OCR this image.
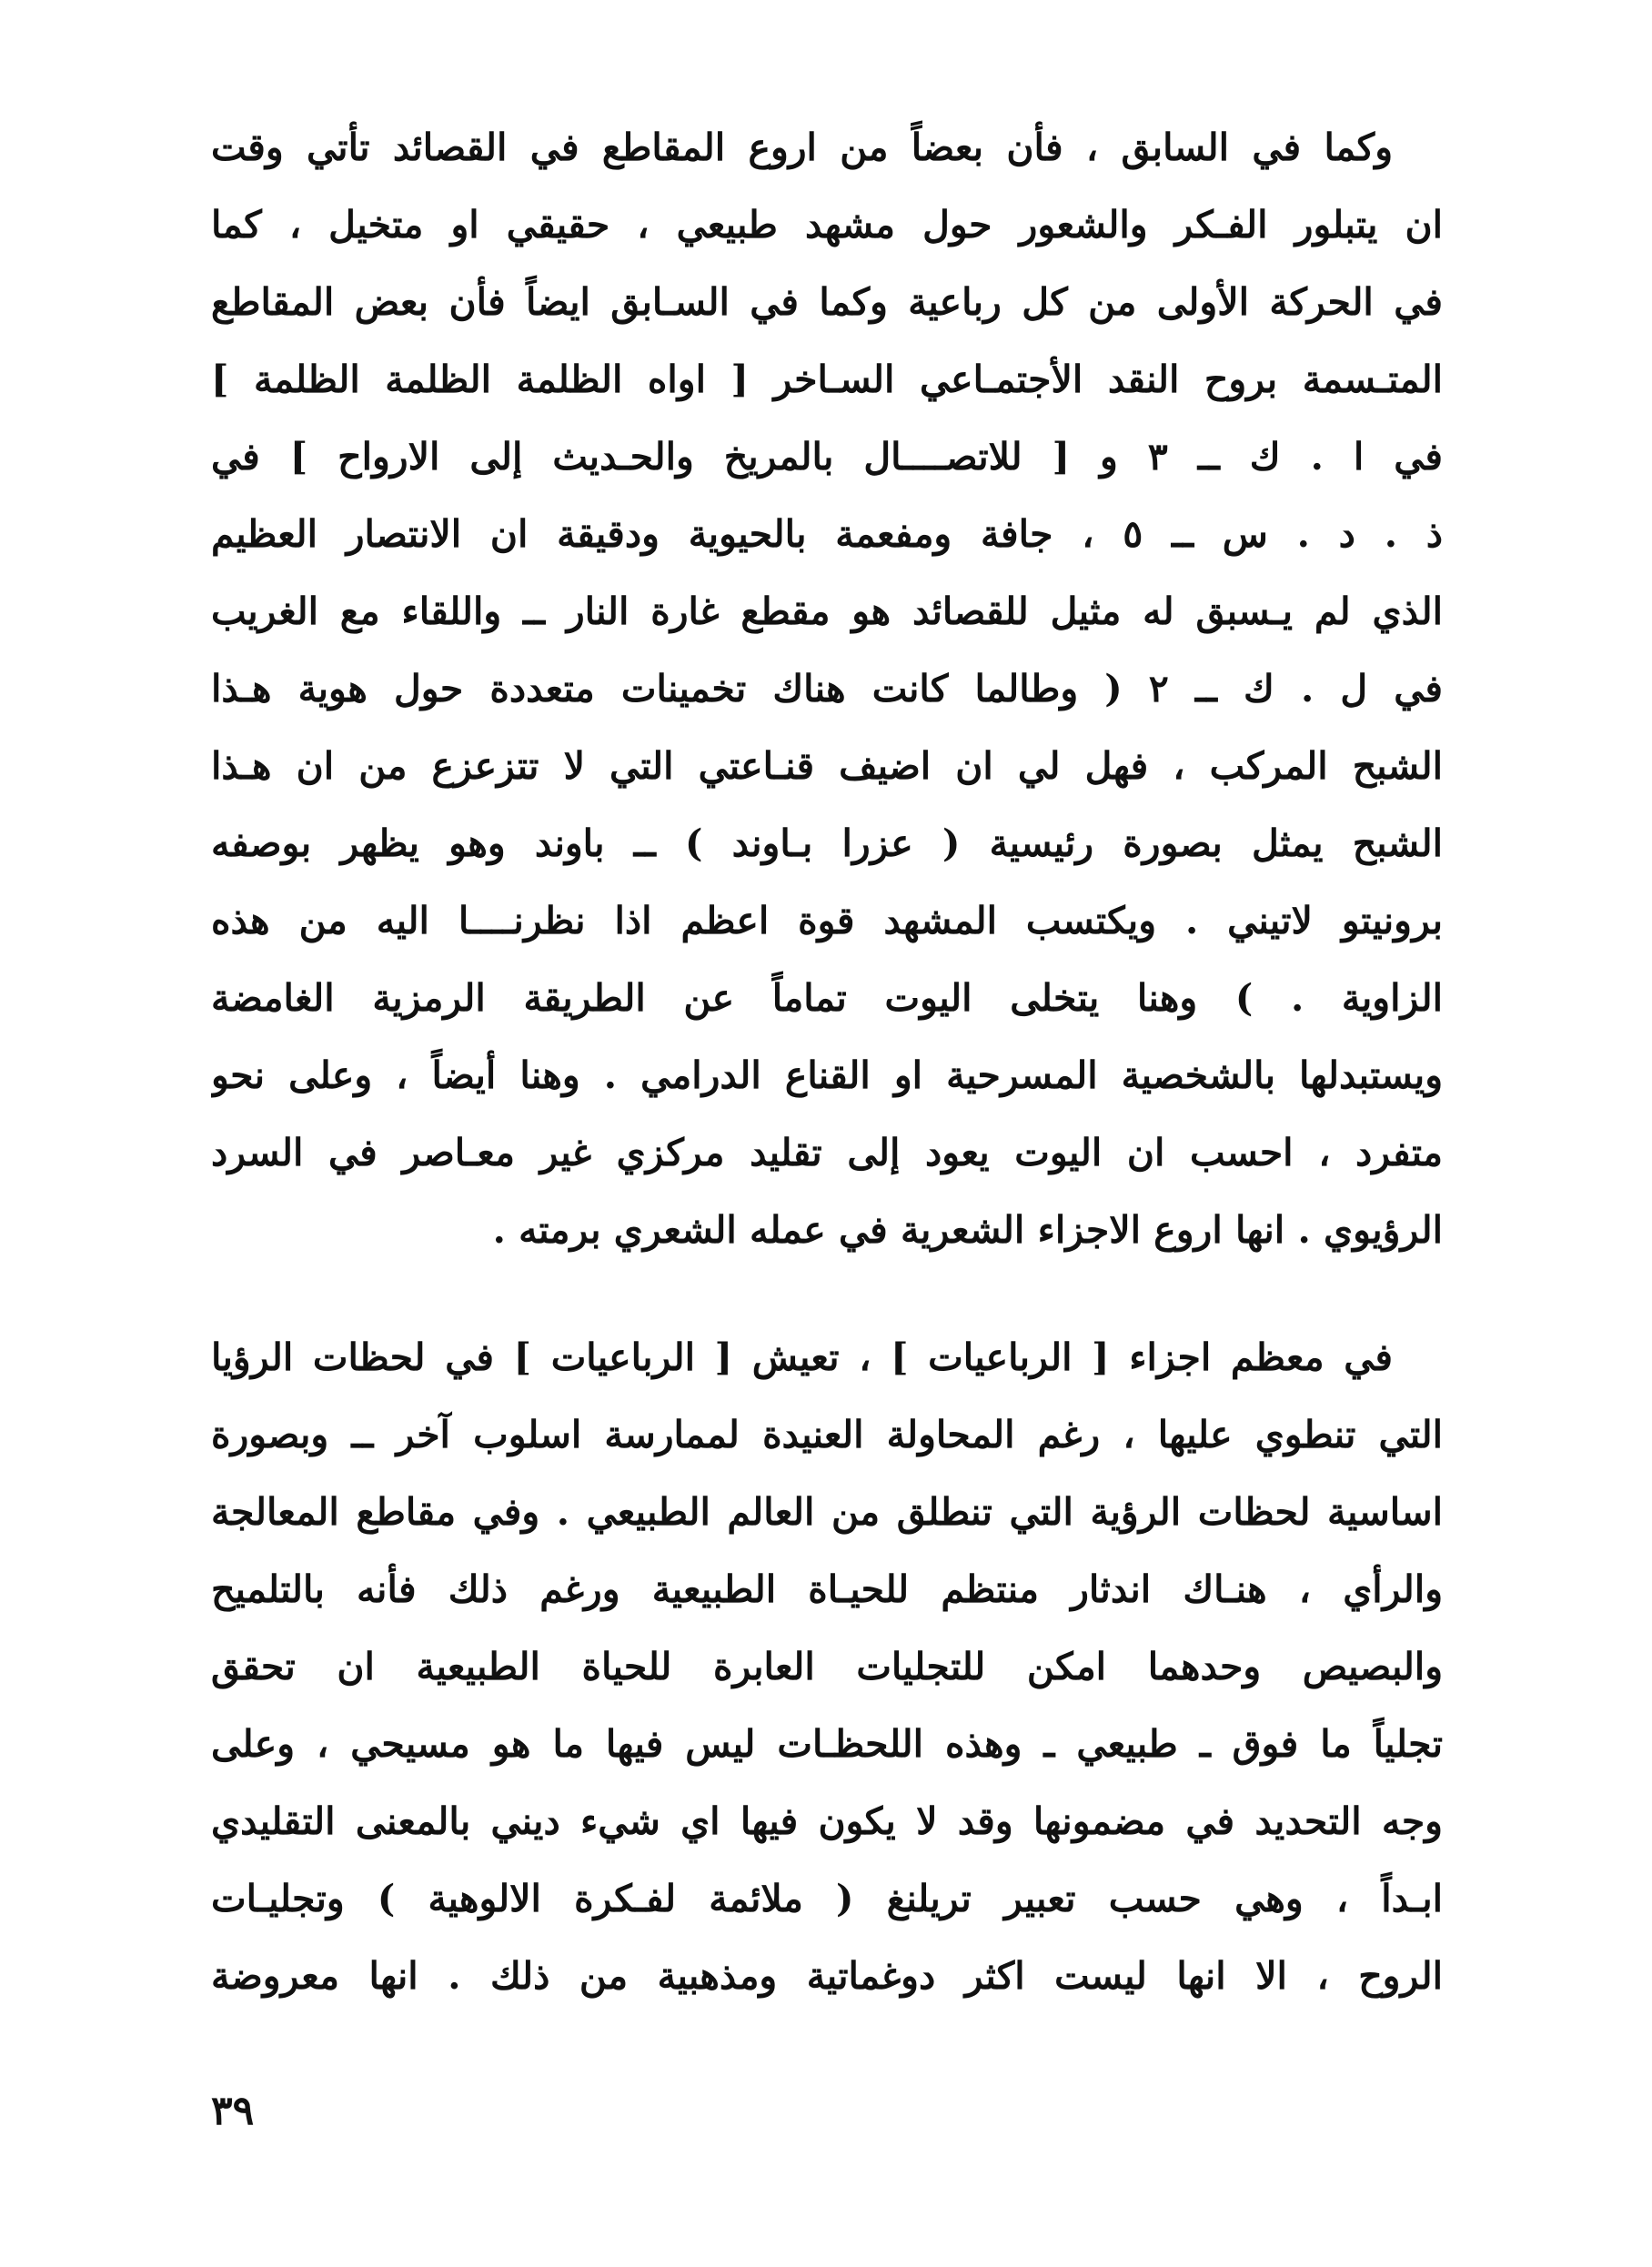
وكما في السابق ، فأن بعضاً من اروع المقاطع في القصائد تأتي وقت
ان يتبلور الفـكر والشعور حول مشهد طبيعي ، حقيقي او متخيل ، كما
في الحركة الأولى من كل رباعية وكما في السـابق ايضاً فأن بعض المقاطع
المتـسمة بروح النقد الأجتمـاعي السـاخر [ اواه الظلمة الظلمة الظلمة ]
في ا . ك ــ ٣ و [ للاتصــــال بالمريخ والحـديث إلى الارواح ] في
ذ . د . س ــ ٥ ، جافة ومفعمة بالحيوية ودقيقة ان الانتصار العظيم
الذي لم يـسبق له مثيل للقصائد هو مقطع غارة النار ــ واللقاء مع الغريب
في ل . ك ــ ٢ ( وطالما كانت هناك تخمينات متعددة حول هوية هـذا
الشبح المركب ، فهل لي ان اضيف قنـاعتي التي لا تتزعزع من ان هـذا
الشبح يمثل بصورة رئيسية ( عزرا بـاوند ) ــ باوند وهو يظهر بوصفه
برونيتو لاتيني . ويكتسب المشهد قوة اعظم اذا نظرنــــا اليه من هذه
الزاوية . ) وهنا يتخلى اليوت تماماً عن الطريقة الرمزية الغامضة
ويستبدلها بالشخصية المسرحية او القناع الدرامي . وهنا أيضاً ، وعلى نحو
متفرد ، احسب ان اليوت يعود إلى تقليد مركزي غير معـاصر في السرد
الرؤيوي . انها اروع الاجزاء الشعرية في عمله الشعري برمته .
في معظم اجزاء [ الرباعيات ] ، تعيش [ الرباعيات ] في لحظات الرؤيا
التي تنطوي عليها ، رغم المحاولة العنيدة لممارسة اسلوب آخر ــ وبصورة
اساسية لحظات الرؤية التي تنطلق من العالم الطبيعي . وفي مقاطع المعالجة
والرأي ، هنـاك اندثار منتظم للحيـاة الطبيعية ورغم ذلك فأنه بالتلميح
والبصيص وحدهما امكن للتجليات العابرة للحياة الطبيعية ان تحقق
تجلياً ما فوق ـ طبيعي ـ وهذه اللحظـات ليس فيها ما هو مسيحي ، وعلى
وجه التحديد في مضمونها وقد لا يكون فيها اي شيء ديني بالمعنى التقليدي
ابـداً ، وهي حسب تعبير تريلنغ ( ملائمة لفـكرة الالوهية ) وتجليـات
الروح ، الا انها ليست اكثر دوغماتية ومذهبية من ذلك . انها معروضة
٣٩
